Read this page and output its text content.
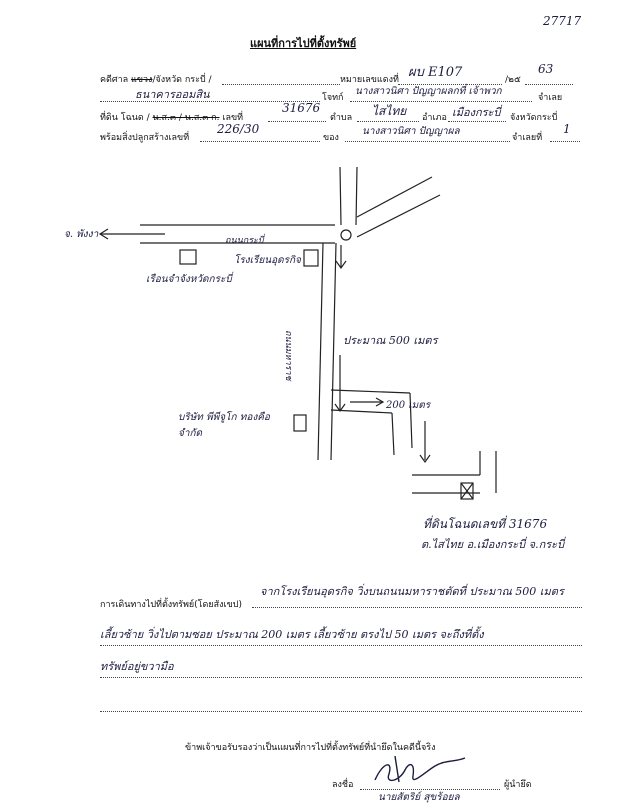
27717
แผนที่การไปที่ตั้งทรัพย์
คดีศาล แขวง/จังหวัด กระบี่ /	หมายเลขแดงที่ ผบ E107	/๒๕
63
ธนาคารออมสิน	โจทก์
นางสาวนิศา ปัญญาผลกที่ เจ้าพวก
จำเลย
ที่ดิน โฉนด / น.ส.๓ / น.ส.๓ ก. เลขที่
31676
ตำบล ไสไทย อำเภอ เมืองกระบี่ จังหวัดกระบี่
พร้อมสิ่งปลูกสร้างเลขที่
226/30
ของ
นางสาวนิศา ปัญญาผล
จำเลยที่
1
จ. พังงา
ถนนกระบี่
เรือนจำจังหวัดกระบี่
โรงเรียนอุดรกิจ
ถนนมหาราช	ประมาณ 500 เมตร
200 เมตร
บริษัท พีพีจูโก ทองคือ
จำกัด
ที่ดินโฉนดเลขที่ 31676
ต.ไสไทย อ.เมืองกระบี่ จ.กระบี่
การเดินทางไปที่ตั้งทรัพย์(โดยสังเขป)
จากโรงเรียนอุดรกิจ วิ่งบนถนนมหาราชตัดที่ ประมาณ 500 เมตร
เลี้ยวซ้าย วิ่งไปตามซอย ประมาณ 200 เมตร เลี้ยวซ้าย ตรงไป 50 เมตร จะถึงที่ตั้ง
ทรัพย์อยู่ขวามือ
ข้าพเจ้าขอรับรองว่าเป็นแผนที่การไปที่ตั้งทรัพย์ที่นำยึดในคดีนี้จริง
ลงชื่อ	ผู้นำยึด
นายสัตริย์ สุขร้อยล
